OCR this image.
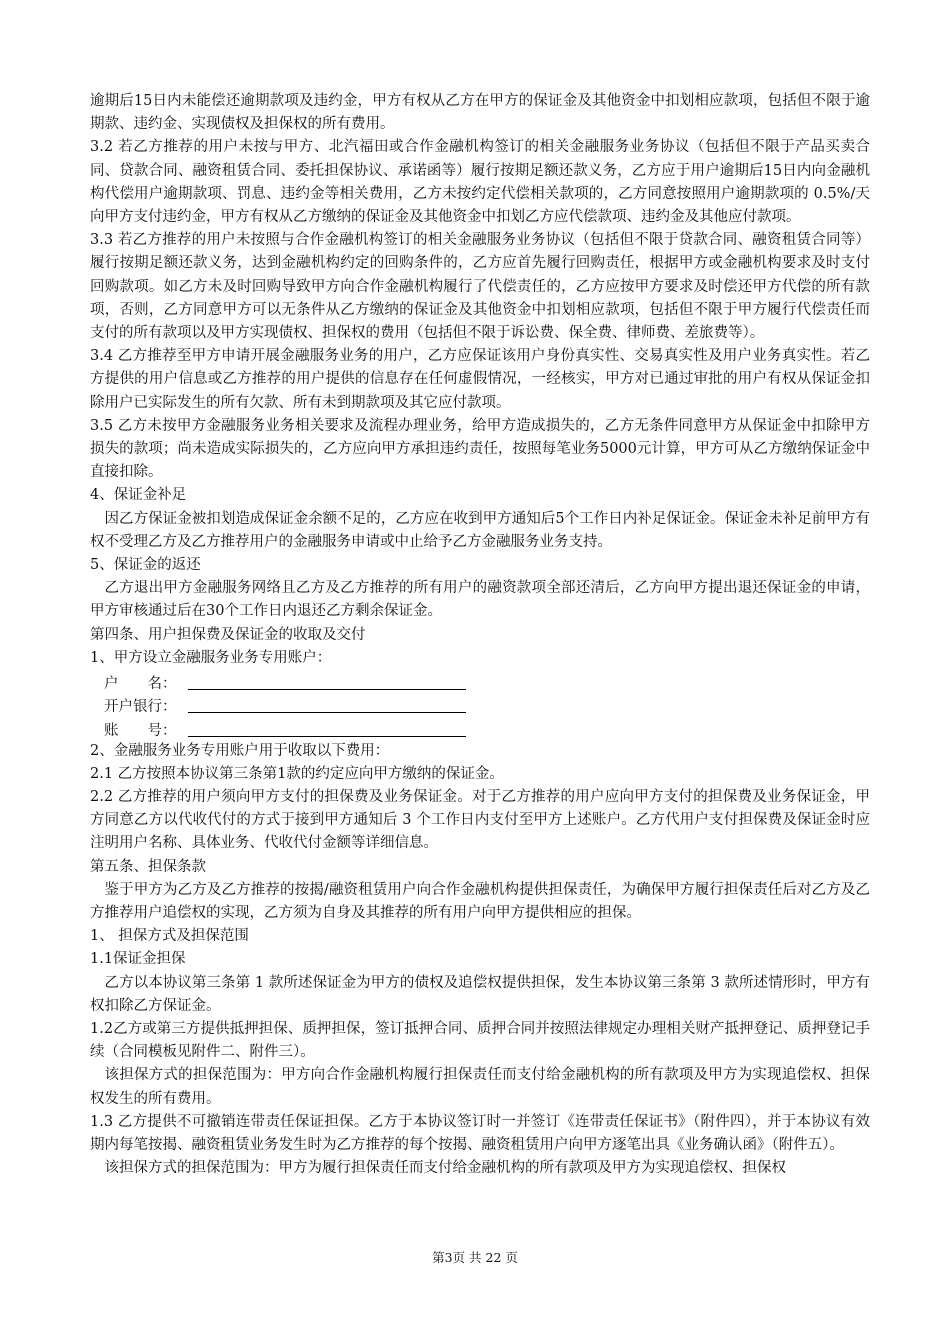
逾期后15日内未能偿还逾期款项及违约金，甲方有权从乙方在甲方的保证金及其他资金中扣划相应款项，包括但不限于逾期款、违约金、实现债权及担保权的所有费用。

3.2 若乙方推荐的用户未按与甲方、北汽福田或合作金融机构签订的相关金融服务业务协议（包括但不限于产品买卖合同、贷款合同、融资租赁合同、委托担保协议、承诺函等）履行按期足额还款义务，乙方应于用户逾期后15日内向金融机构代偿用户逾期款项、罚息、违约金等相关费用，乙方未按约定代偿相关款项的，乙方同意按照用户逾期款项的 0.5%/天向甲方支付违约金，甲方有权从乙方缴纳的保证金及其他资金中扣划乙方应代偿款项、违约金及其他应付款项。

3.3 若乙方推荐的用户未按照与合作金融机构签订的相关金融服务业务协议（包括但不限于贷款合同、融资租赁合同等）履行按期足额还款义务，达到金融机构约定的回购条件的，乙方应首先履行回购责任，根据甲方或金融机构要求及时支付回购款项。如乙方未及时回购导致甲方向合作金融机构履行了代偿责任的，乙方应按甲方要求及时偿还甲方代偿的所有款项，否则，乙方同意甲方可以无条件从乙方缴纳的保证金及其他资金中扣划相应款项，包括但不限于甲方履行代偿责任而支付的所有款项以及甲方实现债权、担保权的费用（包括但不限于诉讼费、保全费、律师费、差旅费等）。

3.4 乙方推荐至甲方申请开展金融服务业务的用户，乙方应保证该用户身份真实性、交易真实性及用户业务真实性。若乙方提供的用户信息或乙方推荐的用户提供的信息存在任何虚假情况，一经核实，甲方对已通过审批的用户有权从保证金扣除用户已实际发生的所有欠款、所有未到期款项及其它应付款项。

3.5 乙方未按甲方金融服务业务相关要求及流程办理业务，给甲方造成损失的，乙方无条件同意甲方从保证金中扣除甲方损失的款项；尚未造成实际损失的，乙方应向甲方承担违约责任，按照每笔业务5000元计算，甲方可从乙方缴纳保证金中直接扣除。

4、保证金补足

因乙方保证金被扣划造成保证金余额不足的，乙方应在收到甲方通知后5个工作日内补足保证金。保证金未补足前甲方有权不受理乙方及乙方推荐用户的金融服务申请或中止给予乙方金融服务业务支持。

5、保证金的返还

乙方退出甲方金融服务网络且乙方及乙方推荐的所有用户的融资款项全部还清后，乙方向甲方提出退还保证金的申请，甲方审核通过后在30个工作日内退还乙方剩余保证金。

第四条、用户担保费及保证金的收取及交付

1、甲方设立金融服务业务专用账户：

户　　名：
开户银行：
账　　号：

2、金融服务业务专用账户用于收取以下费用：

2.1 乙方按照本协议第三条第1款的约定应向甲方缴纳的保证金。

2.2 乙方推荐的用户须向甲方支付的担保费及业务保证金。对于乙方推荐的用户应向甲方支付的担保费及业务保证金，甲方同意乙方以代收代付的方式于接到甲方通知后 3 个工作日内支付至甲方上述账户。乙方代用户支付担保费及保证金时应注明用户名称、具体业务、代收代付金额等详细信息。

第五条、担保条款

鉴于甲方为乙方及乙方推荐的按揭/融资租赁用户向合作金融机构提供担保责任，为确保甲方履行担保责任后对乙方及乙方推荐用户追偿权的实现，乙方须为自身及其推荐的所有用户向甲方提供相应的担保。

1、 担保方式及担保范围

1.1保证金担保

乙方以本协议第三条第 1 款所述保证金为甲方的债权及追偿权提供担保，发生本协议第三条第 3 款所述情形时，甲方有权扣除乙方保证金。

1.2乙方或第三方提供抵押担保、质押担保，签订抵押合同、质押合同并按照法律规定办理相关财产抵押登记、质押登记手续（合同模板见附件二、附件三）。

该担保方式的担保范围为：甲方向合作金融机构履行担保责任而支付给金融机构的所有款项及甲方为实现追偿权、担保权发生的所有费用。

1.3 乙方提供不可撤销连带责任保证担保。乙方于本协议签订时一并签订《连带责任保证书》（附件四），并于本协议有效期内每笔按揭、融资租赁业务发生时为乙方推荐的每个按揭、融资租赁用户向甲方逐笔出具《业务确认函》（附件五）。

该担保方式的担保范围为：甲方为履行担保责任而支付给金融机构的所有款项及甲方为实现追偿权、担保权

第3页 共 22 页
